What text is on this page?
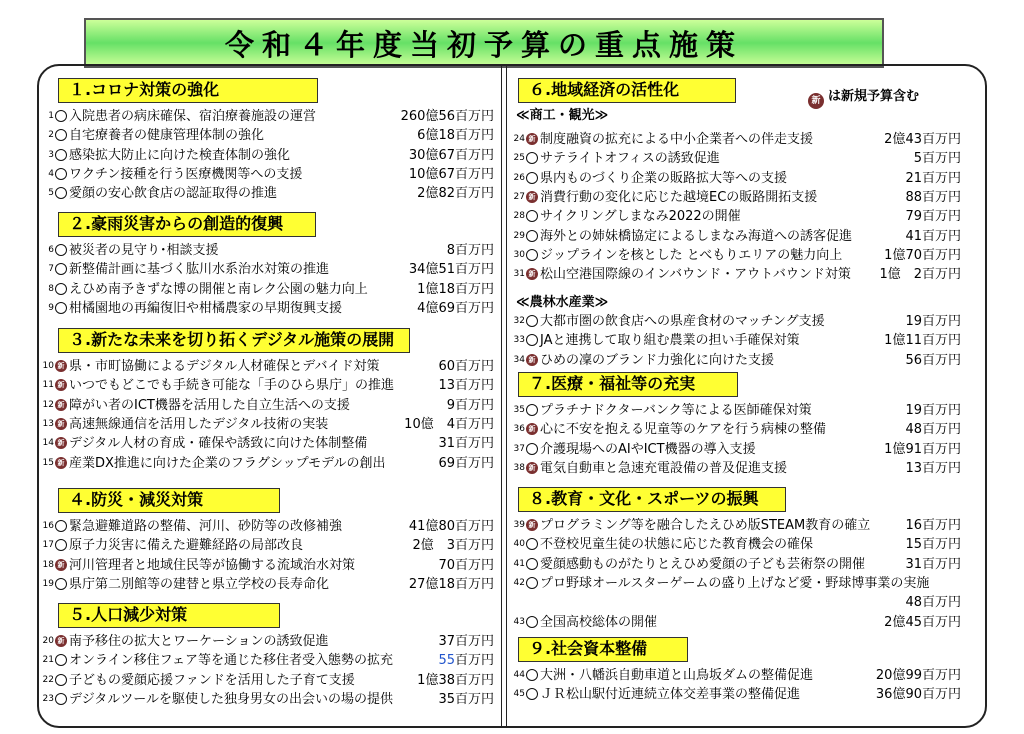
令和４年度当初予算の重点施策
新 は新規予算含む
１.コロナ対策の強化
1 入院患者の病床確保、宿泊療養施設の運営	260億56百万円
2 自宅療養者の健康管理体制の強化	6億18百万円
3 感染拡大防止に向けた検査体制の強化	30億67百万円
4 ワクチン接種を行う医療機関等への支援	10億67百万円
5 愛顔の安心飲食店の認証取得の推進	2億82百万円
２.豪雨災害からの創造的復興
6 被災者の見守り･相談支援	8百万円
7 新整備計画に基づく肱川水系治水対策の推進	34億51百万円
8 えひめ南予きずな博の開催と南レク公園の魅力向上	1億18百万円
9 柑橘園地の再編復旧や柑橘農家の早期復興支援	4億69百万円
３.新たな未来を切り拓くデジタル施策の展開
10 新 県・市町協働によるデジタル人材確保とデバイド対策	60百万円
11 新 いつでもどこでも手続き可能な「手のひら県庁」の推進	13百万円
12 新 障がい者のICT機器を活用した自立生活への支援	9百万円
13 新 高速無線通信を活用したデジタル技術の実装	10億　4百万円
14 新 デジタル人材の育成・確保や誘致に向けた体制整備	31百万円
15 新 産業DX推進に向けた企業のフラグシップモデルの創出	69百万円
４.防災・減災対策
16 緊急避難道路の整備、河川、砂防等の改修補強	41億80百万円
17 原子力災害に備えた避難経路の局部改良	2億　3百万円
18 新 河川管理者と地域住民等が協働する流域治水対策	70百万円
19 県庁第二別館等の建替と県立学校の長寿命化	27億18百万円
５.人口減少対策
20 新 南予移住の拡大とワーケーションの誘致促進	37百万円
21 オンライン移住フェア等を通じた移住者受入態勢の拡充	55百万円
22 子どもの愛顔応援ファンドを活用した子育て支援	1億38百万円
23 デジタルツールを駆使した独身男女の出会いの場の提供	35百万円
６.地域経済の活性化
≪商工・観光≫
24 新 制度融資の拡充による中小企業者への伴走支援	2億43百万円
25 サテライトオフィスの誘致促進	5百万円
26 県内ものづくり企業の販路拡大等への支援	21百万円
27 新 消費行動の変化に応じた越境ECの販路開拓支援	88百万円
28 サイクリングしまなみ2022の開催	79百万円
29 海外との姉妹橋協定によるしまなみ海道への誘客促進	41百万円
30 ジップラインを核とした とべもりエリアの魅力向上	1億70百万円
31 新 松山空港国際線のインバウンド・アウトバウンド対策 1億　2百万円
≪農林水産業≫
32 大都市圏の飲食店への県産食材のマッチング支援	19百万円
33 JAと連携して取り組む農業の担い手確保対策	1億11百万円
34 新 ひめの凜のブランド力強化に向けた支援	56百万円
７.医療・福祉等の充実
35 プラチナドクターバンク等による医師確保対策	19百万円
36 新 心に不安を抱える児童等のケアを行う病棟の整備	48百万円
37 介護現場へのAIやICT機器の導入支援	1億91百万円
38 新 電気自動車と急速充電設備の普及促進支援	13百万円
８.教育・文化・スポーツの振興
39 新 プログラミング等を融合したえひめ版STEAM教育の確立	16百万円
40 不登校児童生徒の状態に応じた教育機会の確保	15百万円
41 愛顔感動ものがたりとえひめ愛顔の子ども芸術祭の開催	31百万円
42 プロ野球オールスターゲームの盛り上げなど愛・野球博事業の実施
48百万円
43 全国高校総体の開催	2億45百万円
９.社会資本整備
44 大洲・八幡浜自動車道と山鳥坂ダムの整備促進	20億99百万円
45 ＪＲ松山駅付近連続立体交差事業の整備促進	36億90百万円
